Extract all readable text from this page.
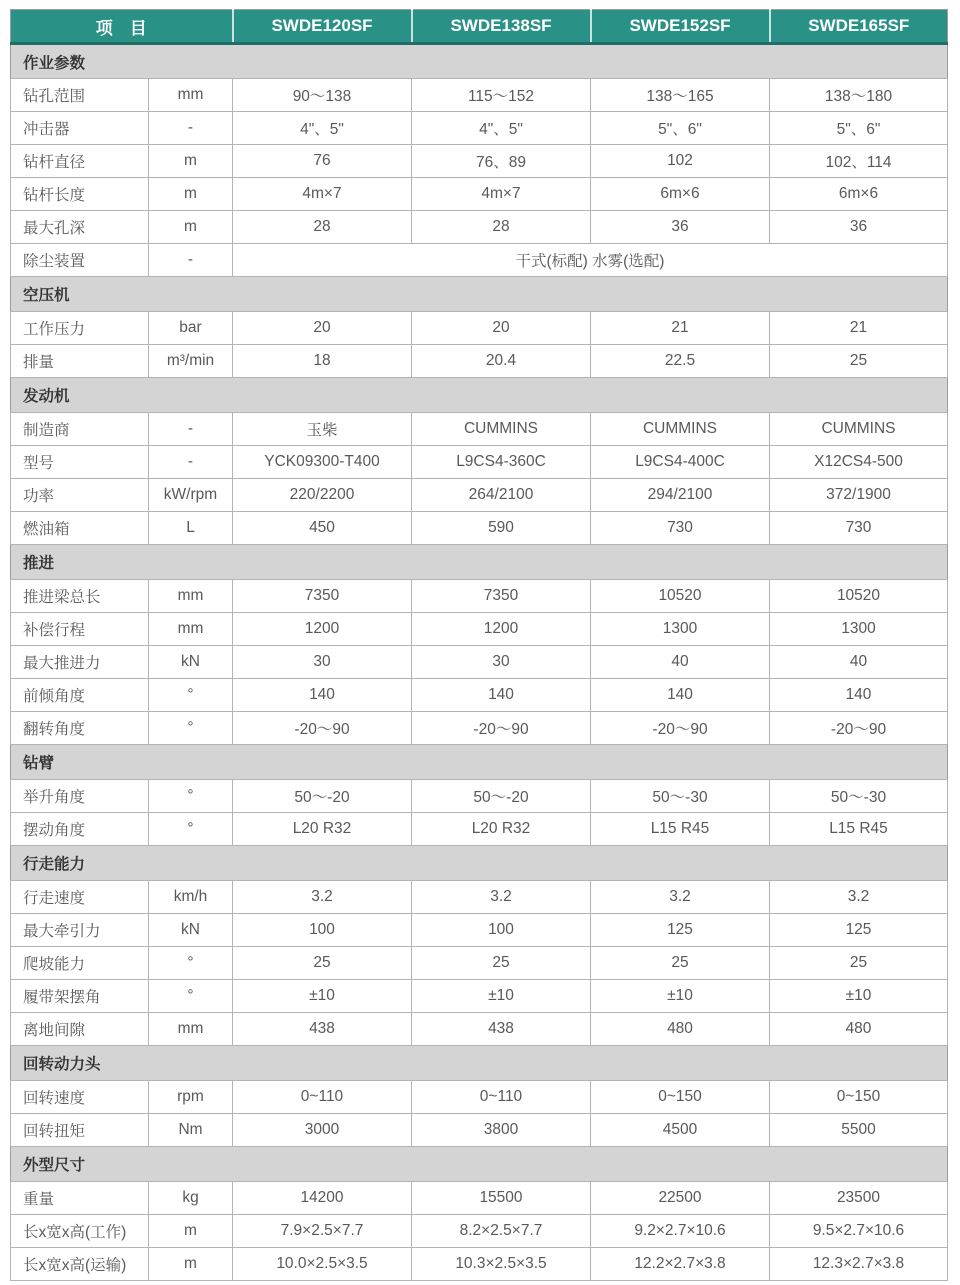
项　目		SWDE120SF	SWDE138SF	SWDE152SF	SWDE165SF
作业参数					
钻孔范围	mm	90～138	115～152	138～165	138～180
冲击器	-	4"、5"	4"、5"	5"、6"	5"、6"
钻杆直径	m	76	76、89	102	102、114
钻杆长度	m	4m×7	4m×7	6m×6	6m×6
最大孔深	m	28	28	36	36
除尘装置	-	干式(标配) 水雾(选配)			
空压机					
工作压力	bar	20	20	21	21
排量	m³/min	18	20.4	22.5	25
发动机					
制造商	-	玉柴	CUMMINS	CUMMINS	CUMMINS
型号	-	YCK09300-T400	L9CS4-360C	L9CS4-400C	X12CS4-500
功率	kW/rpm	220/2200	264/2100	294/2100	372/1900
燃油箱	L	450	590	730	730
推进					
推进梁总长	mm	7350	7350	10520	10520
补偿行程	mm	1200	1200	1300	1300
最大推进力	kN	30	30	40	40
前倾角度	°	140	140	140	140
翻转角度	°	-20～90	-20～90	-20～90	-20～90
钻臂					
举升角度	°	50～-20	50～-20	50～-30	50～-30
摆动角度	°	L20 R32	L20 R32	L15 R45	L15 R45
行走能力					
行走速度	km/h	3.2	3.2	3.2	3.2
最大牵引力	kN	100	100	125	125
爬坡能力	°	25	25	25	25
履带架摆角	°	±10	±10	±10	±10
离地间隙	mm	438	438	480	480
回转动力头					
回转速度	rpm	0~110	0~110	0~150	0~150
回转扭矩	Nm	3000	3800	4500	5500
外型尺寸					
重量	kg	14200	15500	22500	23500
长x宽x高(工作)	m	7.9×2.5×7.7	8.2×2.5×7.7	9.2×2.7×10.6	9.5×2.7×10.6
长x宽x高(运输)	m	10.0×2.5×3.5	10.3×2.5×3.5	12.2×2.7×3.8	12.3×2.7×3.8
